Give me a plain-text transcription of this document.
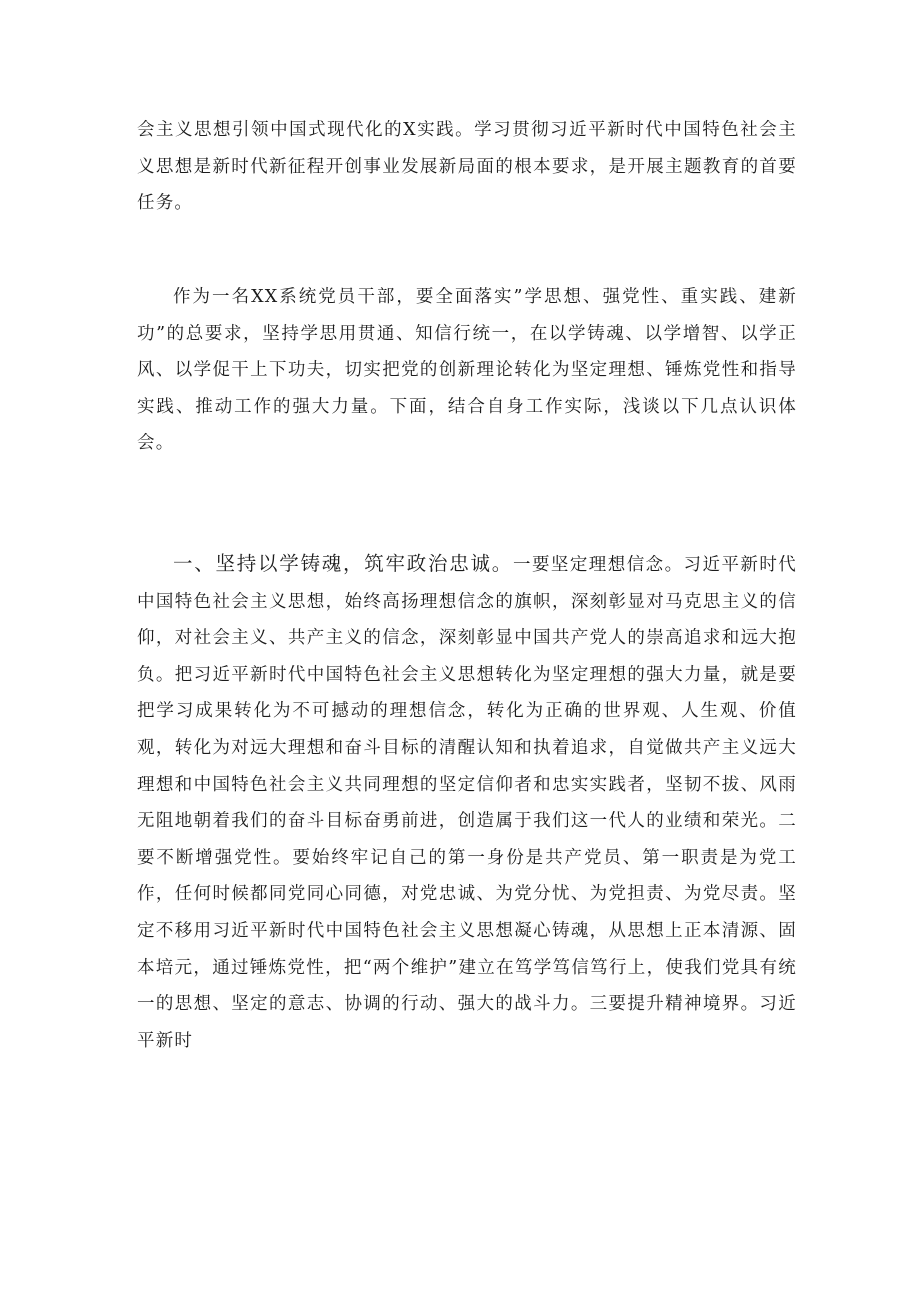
会主义思想引领中国式现代化的X实践。学习贯彻习近平新时代中国特色社会主义思想是新时代新征程开创事业发展新局面的根本要求，是开展主题教育的首要任务。

作为一名XX系统党员干部，要全面落实”学思想、强党性、重实践、建新功”的总要求，坚持学思用贯通、知信行统一，在以学铸魂、以学增智、以学正风、以学促干上下功夫，切实把党的创新理论转化为坚定理想、锤炼党性和指导实践、推动工作的强大力量。下面，结合自身工作实际，浅谈以下几点认识体会。

一、坚持以学铸魂，筑牢政治忠诚。一要坚定理想信念。习近平新时代中国特色社会主义思想，始终高扬理想信念的旗帜，深刻彰显对马克思主义的信仰，对社会主义、共产主义的信念，深刻彰显中国共产党人的崇高追求和远大抱负。把习近平新时代中国特色社会主义思想转化为坚定理想的强大力量，就是要把学习成果转化为不可撼动的理想信念，转化为正确的世界观、人生观、价值观，转化为对远大理想和奋斗目标的清醒认知和执着追求，自觉做共产主义远大理想和中国特色社会主义共同理想的坚定信仰者和忠实实践者，坚韧不拔、风雨无阻地朝着我们的奋斗目标奋勇前进，创造属于我们这一代人的业绩和荣光。二要不断增强党性。要始终牢记自己的第一身份是共产党员、第一职责是为党工作，任何时候都同党同心同德，对党忠诚、为党分忧、为党担责、为党尽责。坚定不移用习近平新时代中国特色社会主义思想凝心铸魂，从思想上正本清源、固本培元，通过锤炼党性，把“两个维护”建立在笃学笃信笃行上，使我们党具有统一的思想、坚定的意志、协调的行动、强大的战斗力。三要提升精神境界。习近平新时
